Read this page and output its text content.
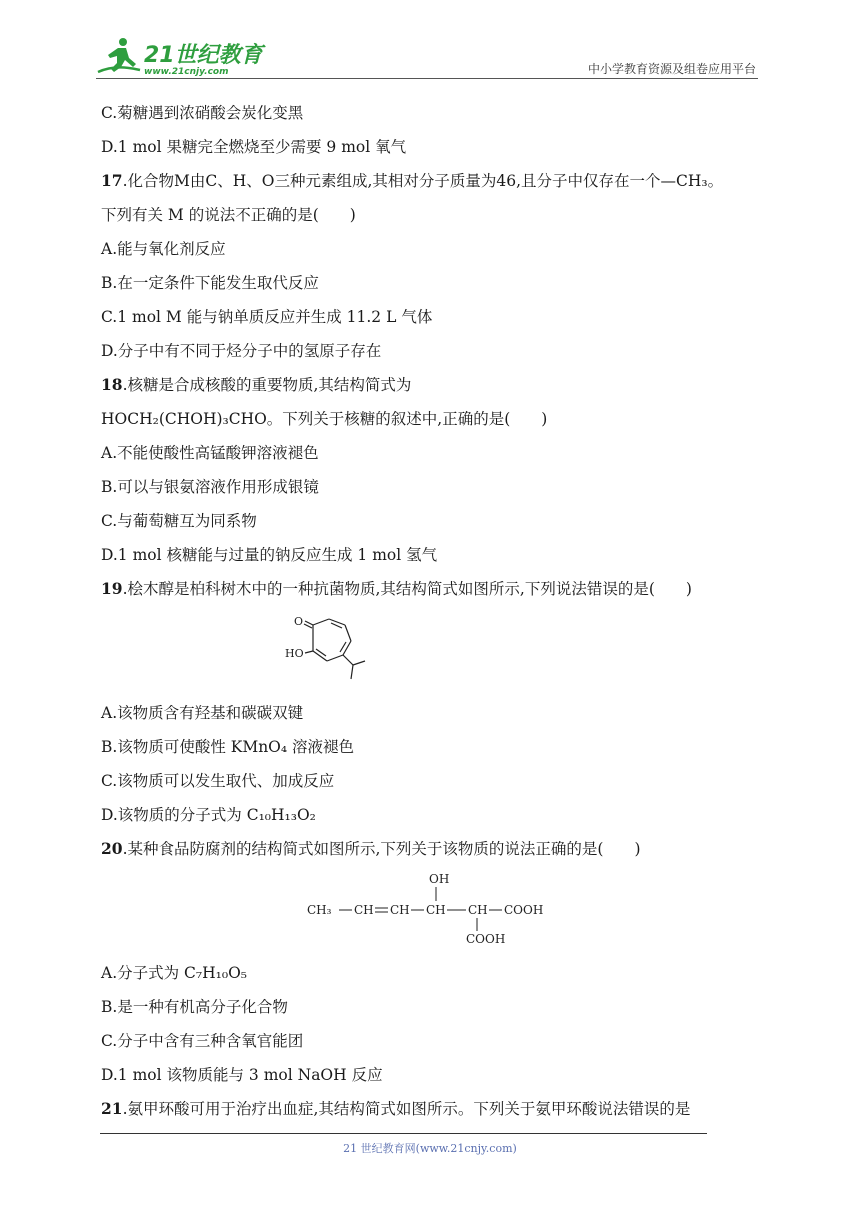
21世纪教育
www.21cnjy.com	中小学教育资源及组卷应用平台
C.菊糖遇到浓硝酸会炭化变黑
D.1 mol 果糖完全燃烧至少需要 9 mol 氧气
17.化合物M由C、H、O三种元素组成,其相对分子质量为46,且分子中仅存在一个—CH₃。
下列有关 M 的说法不正确的是(　　)
A.能与氧化剂反应
B.在一定条件下能发生取代反应
C.1 mol M 能与钠单质反应并生成 11.2 L 气体
D.分子中有不同于烃分子中的氢原子存在
18.核糖是合成核酸的重要物质,其结构简式为
HOCH₂(CHOH)₃CHO。下列关于核糖的叙述中,正确的是(　　)
A.不能使酸性高锰酸钾溶液褪色
B.可以与银氨溶液作用形成银镜
C.与葡萄糖互为同系物
D.1 mol 核糖能与过量的钠反应生成 1 mol 氢气
19.桧木醇是柏科树木中的一种抗菌物质,其结构简式如图所示,下列说法错误的是(　　)
A.该物质含有羟基和碳碳双键
B.该物质可使酸性 KMnO₄ 溶液褪色
C.该物质可以发生取代、加成反应
D.该物质的分子式为 C₁₀H₁₃O₂
20.某种食品防腐剂的结构简式如图所示,下列关于该物质的说法正确的是(　　)
A.分子式为 C₇H₁₀O₅
B.是一种有机高分子化合物
C.分子中含有三种含氧官能团
D.1 mol 该物质能与 3 mol NaOH 反应
21.氨甲环酸可用于治疗出血症,其结构简式如图所示。下列关于氨甲环酸说法错误的是
O
HO
OH
CH₃ CH CH CH CH COOH
COOH
21 世纪教育网(www.21cnjy.com)
